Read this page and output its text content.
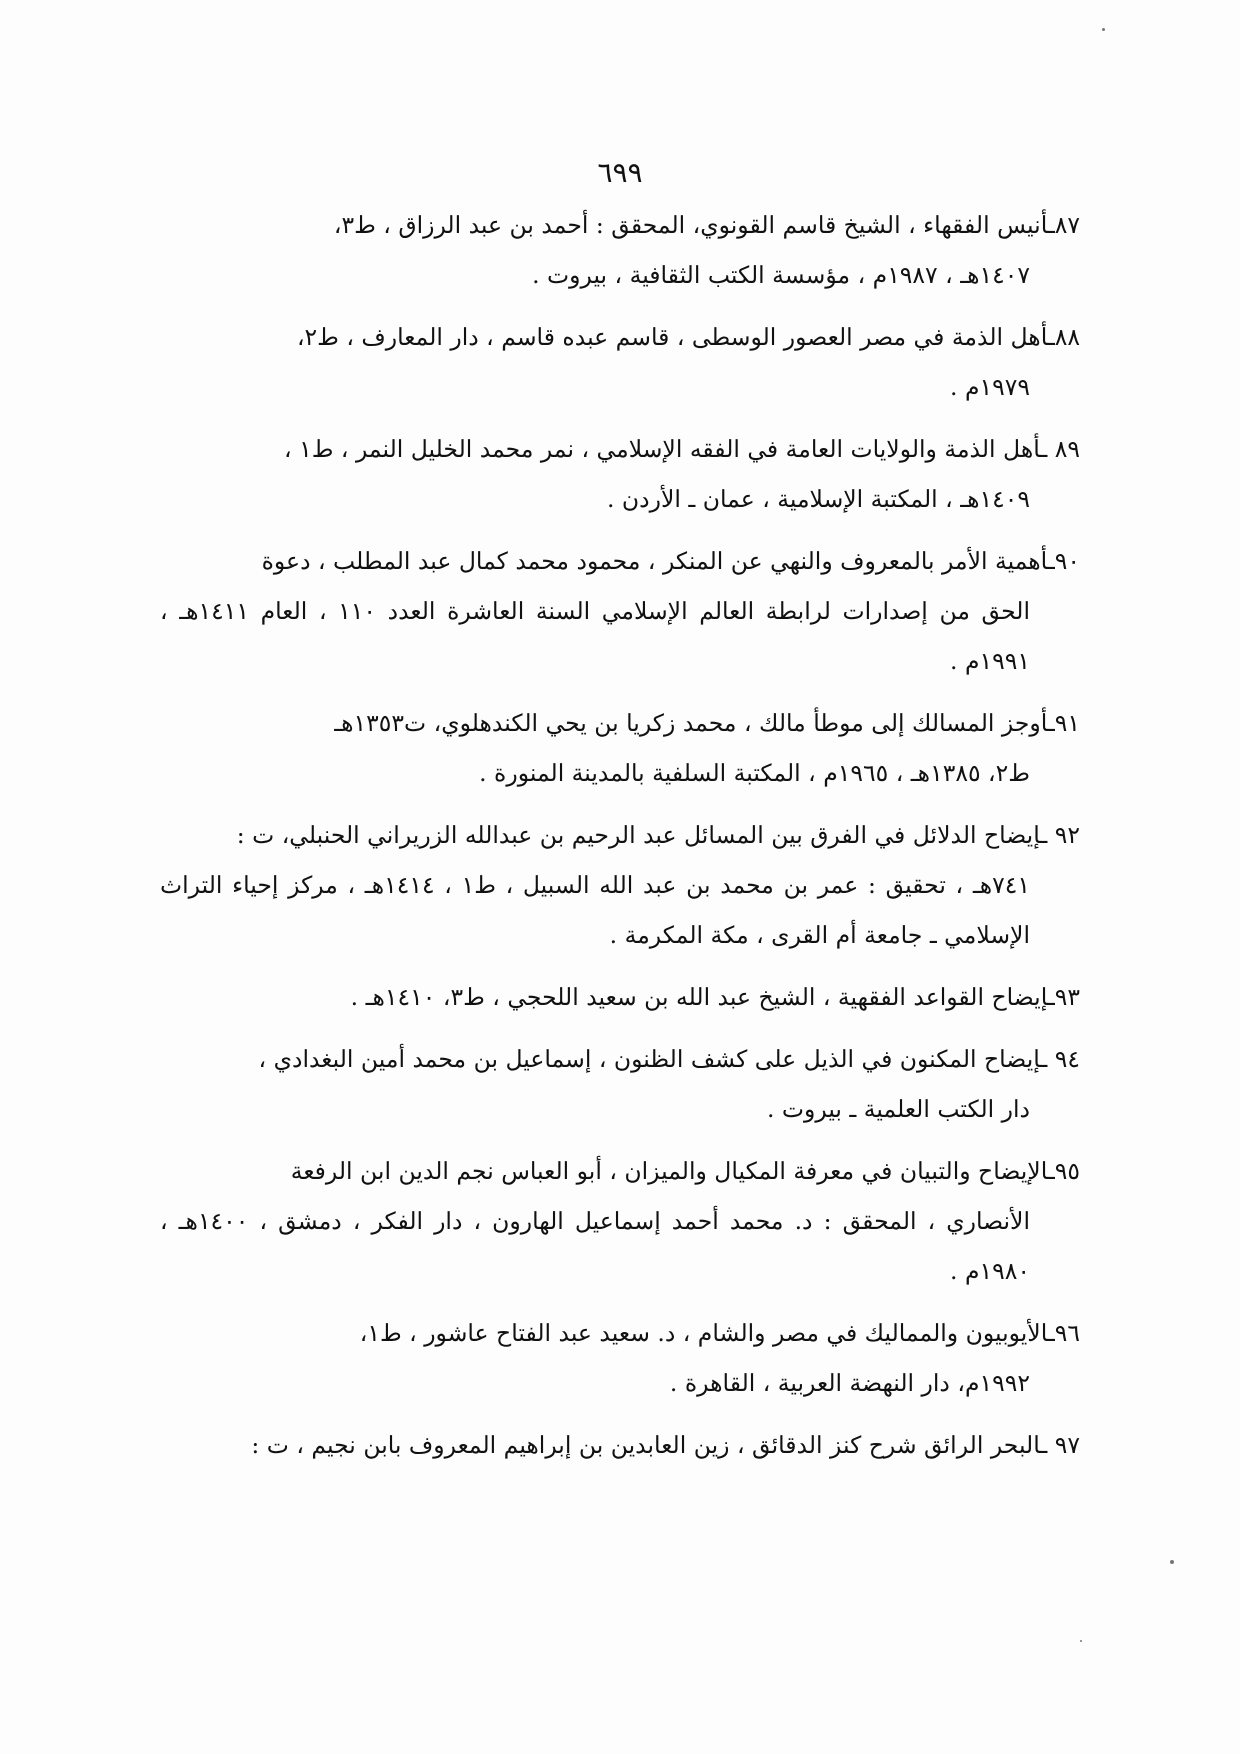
٦٩٩
٨٧ـأنيس الفقهاء ، الشيخ قاسم القونوي، المحقق : أحمد بن عبد الرزاق ، ط٣،
١٤٠٧هـ ، ١٩٨٧م ، مؤسسة الكتب الثقافية ، بيروت .
٨٨ـأهل الذمة في مصر العصور الوسطى ، قاسم عبده قاسم ، دار المعارف ، ط٢،
١٩٧٩م .
٨٩ ـأهل الذمة والولايات العامة في الفقه الإسلامي ، نمر محمد الخليل النمر ، ط١ ،
١٤٠٩هـ ، المكتبة الإسلامية ، عمان ـ الأردن .
٩٠ـأهمية الأمر بالمعروف والنهي عن المنكر ، محمود محمد كمال عبد المطلب ، دعوة
الحق من إصدارات لرابطة العالم الإسلامي السنة العاشرة العدد ١١٠ ، العام ١٤١١هـ ، ١٩٩١م .
٩١ـأوجز المسالك إلى موطأ مالك ، محمد زكريا بن يحي الكندهلوي، ت١٣٥٣هـ
ط٢، ١٣٨٥هـ ، ١٩٦٥م ، المكتبة السلفية بالمدينة المنورة .
٩٢ ـإيضاح الدلائل في الفرق بين المسائل عبد الرحيم بن عبدالله الزريراني الحنبلي، ت :
٧٤١هـ ، تحقيق : عمر بن محمد بن عبد الله السبيل ، ط١ ، ١٤١٤هـ ، مركز إحياء التراث الإسلامي ـ جامعة أم القرى ، مكة المكرمة .
٩٣ـإيضاح القواعد الفقهية ، الشيخ عبد الله بن سعيد اللحجي ، ط٣، ١٤١٠هـ .
٩٤ ـإيضاح المكنون في الذيل على كشف الظنون ، إسماعيل بن محمد أمين البغدادي ،
دار الكتب العلمية ـ بيروت .
٩٥ـالإيضاح والتبيان في معرفة المكيال والميزان ، أبو العباس نجم الدين ابن الرفعة
الأنصاري ، المحقق : د. محمد أحمد إسماعيل الهارون ، دار الفكر ، دمشق ، ١٤٠٠هـ ، ١٩٨٠م .
٩٦ـالأيوبيون والمماليك في مصر والشام ، د. سعيد عبد الفتاح عاشور ، ط١،
١٩٩٢م، دار النهضة العربية ، القاهرة .
٩٧ ـالبحر الرائق شرح كنز الدقائق ، زين العابدين بن إبراهيم المعروف بابن نجيم ، ت :
